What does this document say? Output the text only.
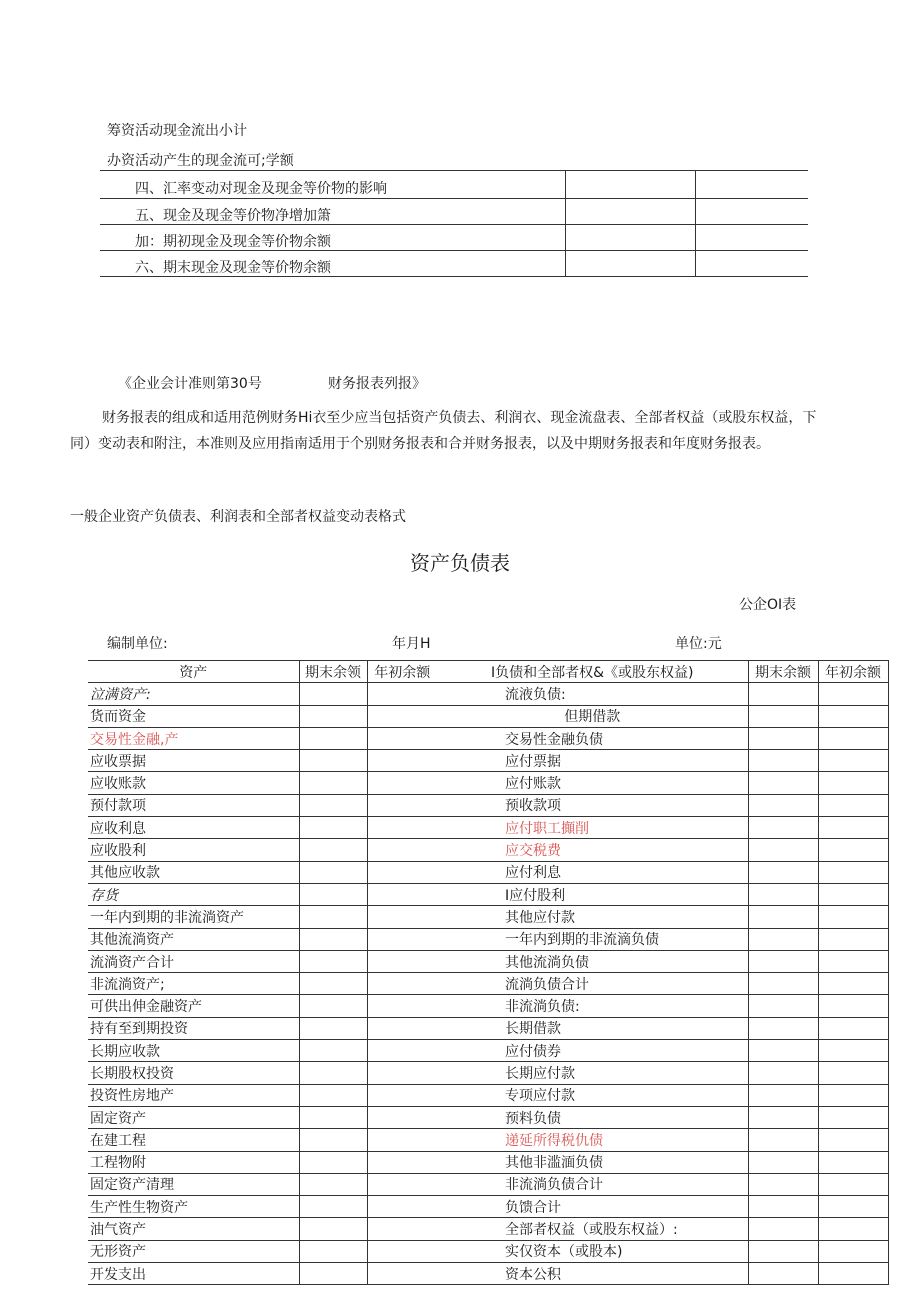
筹资活动现金流出小计
办资活动产生的现金流可;学额
四、汇率变动对现金及现金等价物的影响
五、现金及现金等价物净增加箫
加：期初现金及现金等价物余额
六、期末现金及现金等价物余额
《企业会计准则第30号	财务报表列报》
财务报表的组成和适用范例财务Hi衣至少应当包括资产负债去、利润衣、现金流盘表、全部者权益（或股东权益，下同）变动表和附注，本准则及应用指南适用于个别财务报表和合并财务报表，以及中期财务报表和年度财务报表。
一般企业资产负债表、利润表和全部者权益变动表格式
资产负债表
公企OI表
编制单位:	年月H	单位:元
资产	期末余领	年初余额	I负债和全部者权&《或股东权益)	期末余额	年初余额
泣满资产:			流液负债:		
货而资金			但期借款		
交易性金融,产			交易性金融负债		
应收票据			应付票据		
应收账款			应付账款		
预付款项			预收款项		
应收利息			应付职工攧削		
应收股利			应交税费		
其他应收款			应付利息		
存货			I应付股利		
一年内到期的非流淌资产			其他应付款		
其他流淌资产			一年内到期的非流滴负债		
流淌资产合计			其他流淌负债		
非流淌资产;			流淌负债合计		
可供出伸金融资产			非流淌负债:		
持有至到期投资			长期借款		
长期应收款			应付债券		
长期股权投资			长期应付款		
投资性房地产			专项应付款		
固定资产			预料负债		
在建工程			递延所得税仇债		
工程物附			其他非滥湎负债		
固定资产清理			非流淌负债合计		
生产性生物资产			负馈合计		
油气资产			全部者权益（或股东权益）:		
无形资产			实仅资本（或股本)		
开发支出			资本公积		
